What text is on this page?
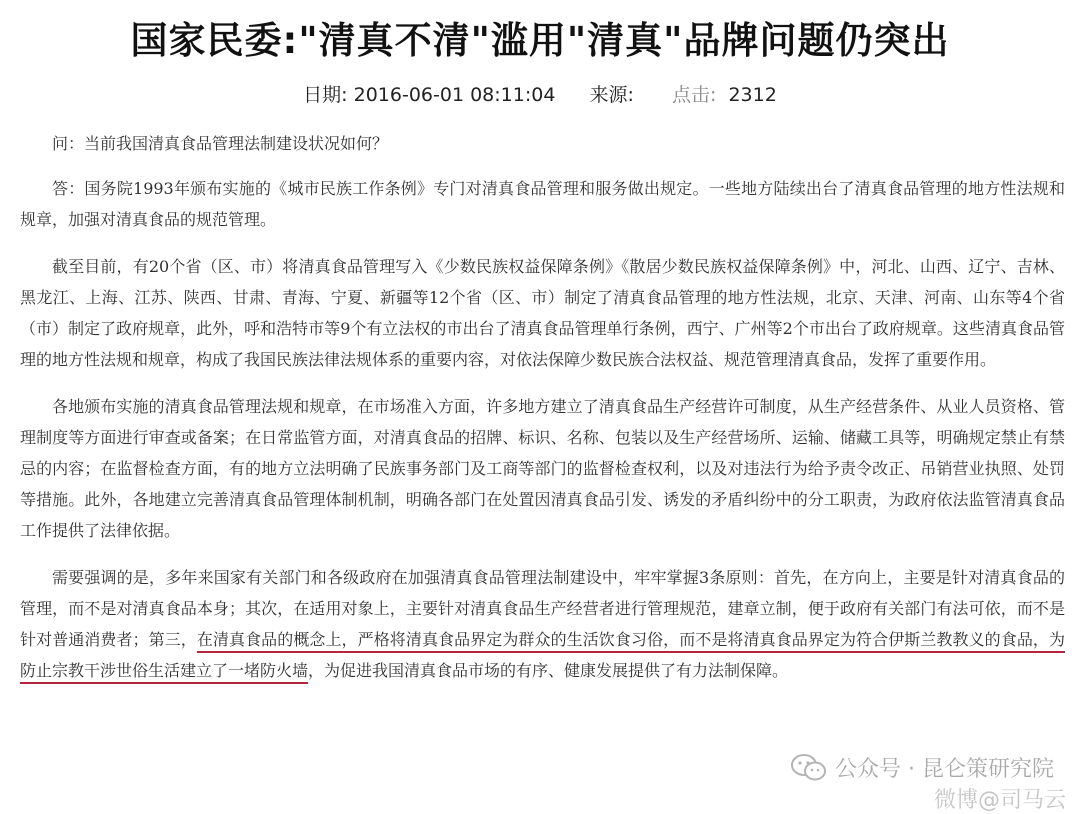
国家民委:"清真不清"滥用"清真"品牌问题仍突出
日期: 2016-06-01 08:11:04 来源: 点击: 2312

问：当前我国清真食品管理法制建设状况如何？

答：国务院1993年颁布实施的《城市民族工作条例》专门对清真食品管理和服务做出规定。一些地方陆续出台了清真食品管理的地方性法规和规章，加强对清真食品的规范管理。

截至目前，有20个省（区、市）将清真食品管理写入《少数民族权益保障条例》《散居少数民族权益保障条例》中，河北、山西、辽宁、吉林、黑龙江、上海、江苏、陕西、甘肃、青海、宁夏、新疆等12个省（区、市）制定了清真食品管理的地方性法规，北京、天津、河南、山东等4个省（市）制定了政府规章，此外，呼和浩特市等9个有立法权的市出台了清真食品管理单行条例，西宁、广州等2个市出台了政府规章。这些清真食品管理的地方性法规和规章，构成了我国民族法律法规体系的重要内容，对依法保障少数民族合法权益、规范管理清真食品，发挥了重要作用。

各地颁布实施的清真食品管理法规和规章，在市场准入方面，许多地方建立了清真食品生产经营许可制度，从生产经营条件、从业人员资格、管理制度等方面进行审查或备案；在日常监管方面，对清真食品的招牌、标识、名称、包装以及生产经营场所、运输、储藏工具等，明确规定禁止有禁忌的内容；在监督检查方面，有的地方立法明确了民族事务部门及工商等部门的监督检查权利，以及对违法行为给予责令改正、吊销营业执照、处罚等措施。此外，各地建立完善清真食品管理体制机制，明确各部门在处置因清真食品引发、诱发的矛盾纠纷中的分工职责，为政府依法监管清真食品工作提供了法律依据。

需要强调的是，多年来国家有关部门和各级政府在加强清真食品管理法制建设中，牢牢掌握3条原则：首先，在方向上，主要是针对清真食品的管理，而不是对清真食品本身；其次，在适用对象上，主要针对清真食品生产经营者进行管理规范，建章立制，便于政府有关部门有法可依，而不是针对普通消费者；第三，在清真食品的概念上，严格将清真食品界定为群众的生活饮食习俗，而不是将清真食品界定为符合伊斯兰教教义的食品，为防止宗教干涉世俗生活建立了一堵防火墙，为促进我国清真食品市场的有序、健康发展提供了有力法制保障。

公众号 · 昆仑策研究院
微博@司马云
